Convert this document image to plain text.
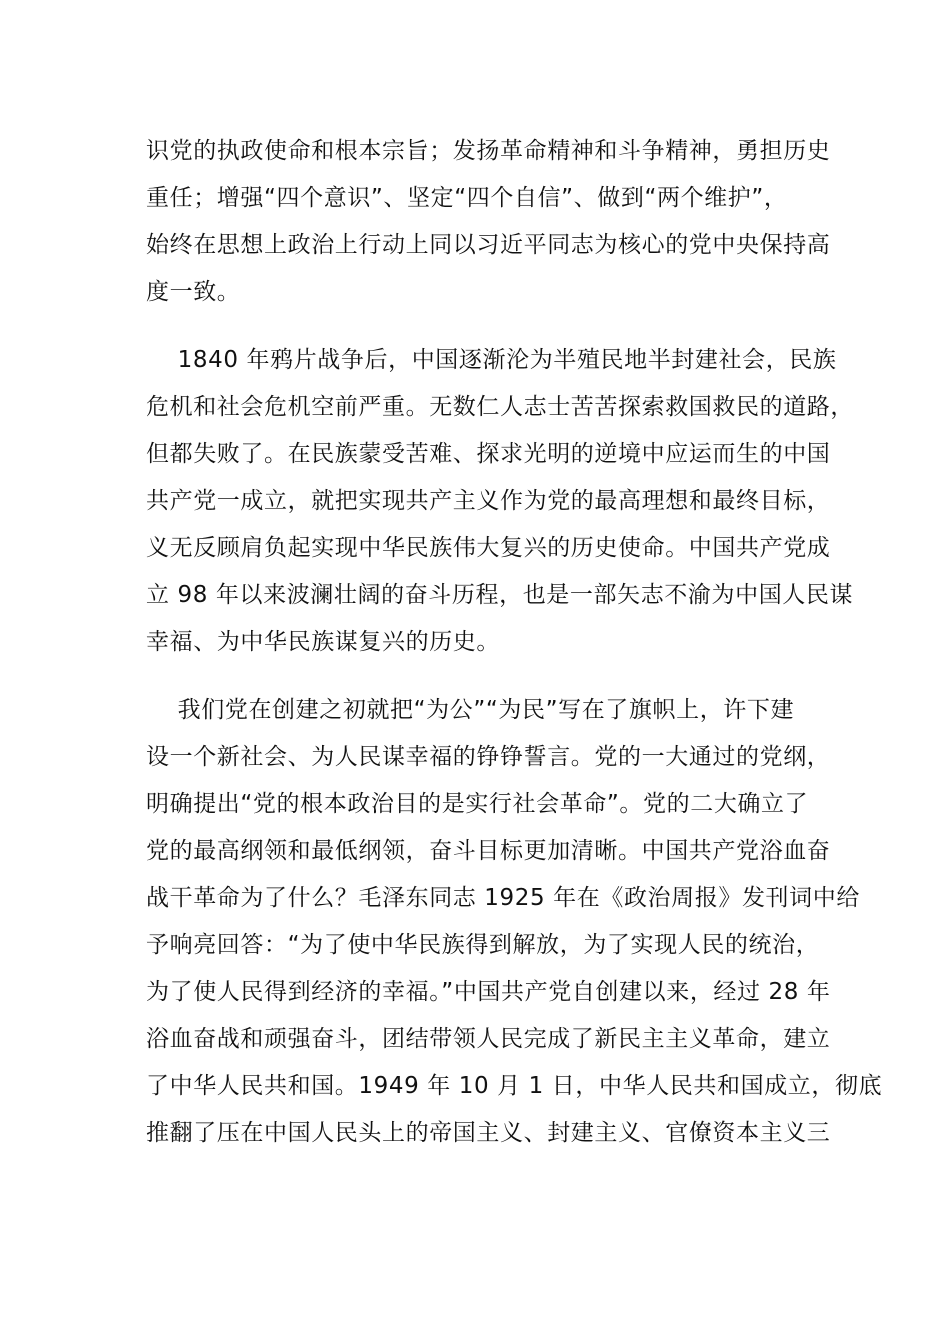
识党的执政使命和根本宗旨；发扬革命精神和斗争精神，勇担历史
重任；增强“四个意识”、坚定“四个自信”、做到“两个维护”，
始终在思想上政治上行动上同以习近平同志为核心的党中央保持高
度一致。
1840 年鸦片战争后，中国逐渐沦为半殖民地半封建社会，民族
危机和社会危机空前严重。无数仁人志士苦苦探索救国救民的道路，
但都失败了。在民族蒙受苦难、探求光明的逆境中应运而生的中国
共产党一成立，就把实现共产主义作为党的最高理想和最终目标，
义无反顾肩负起实现中华民族伟大复兴的历史使命。中国共产党成
立 98 年以来波澜壮阔的奋斗历程，也是一部矢志不渝为中国人民谋
幸福、为中华民族谋复兴的历史。
我们党在创建之初就把“为公”“为民”写在了旗帜上，许下建
设一个新社会、为人民谋幸福的铮铮誓言。党的一大通过的党纲，
明确提出“党的根本政治目的是实行社会革命”。党的二大确立了
党的最高纲领和最低纲领，奋斗目标更加清晰。中国共产党浴血奋
战干革命为了什么？毛泽东同志 1925 年在《政治周报》发刊词中给
予响亮回答：“为了使中华民族得到解放，为了实现人民的统治，
为了使人民得到经济的幸福。”中国共产党自创建以来，经过 28 年
浴血奋战和顽强奋斗，团结带领人民完成了新民主主义革命，建立
了中华人民共和国。1949 年 10 月 1 日，中华人民共和国成立，彻底
推翻了压在中国人民头上的帝国主义、封建主义、官僚资本主义三
